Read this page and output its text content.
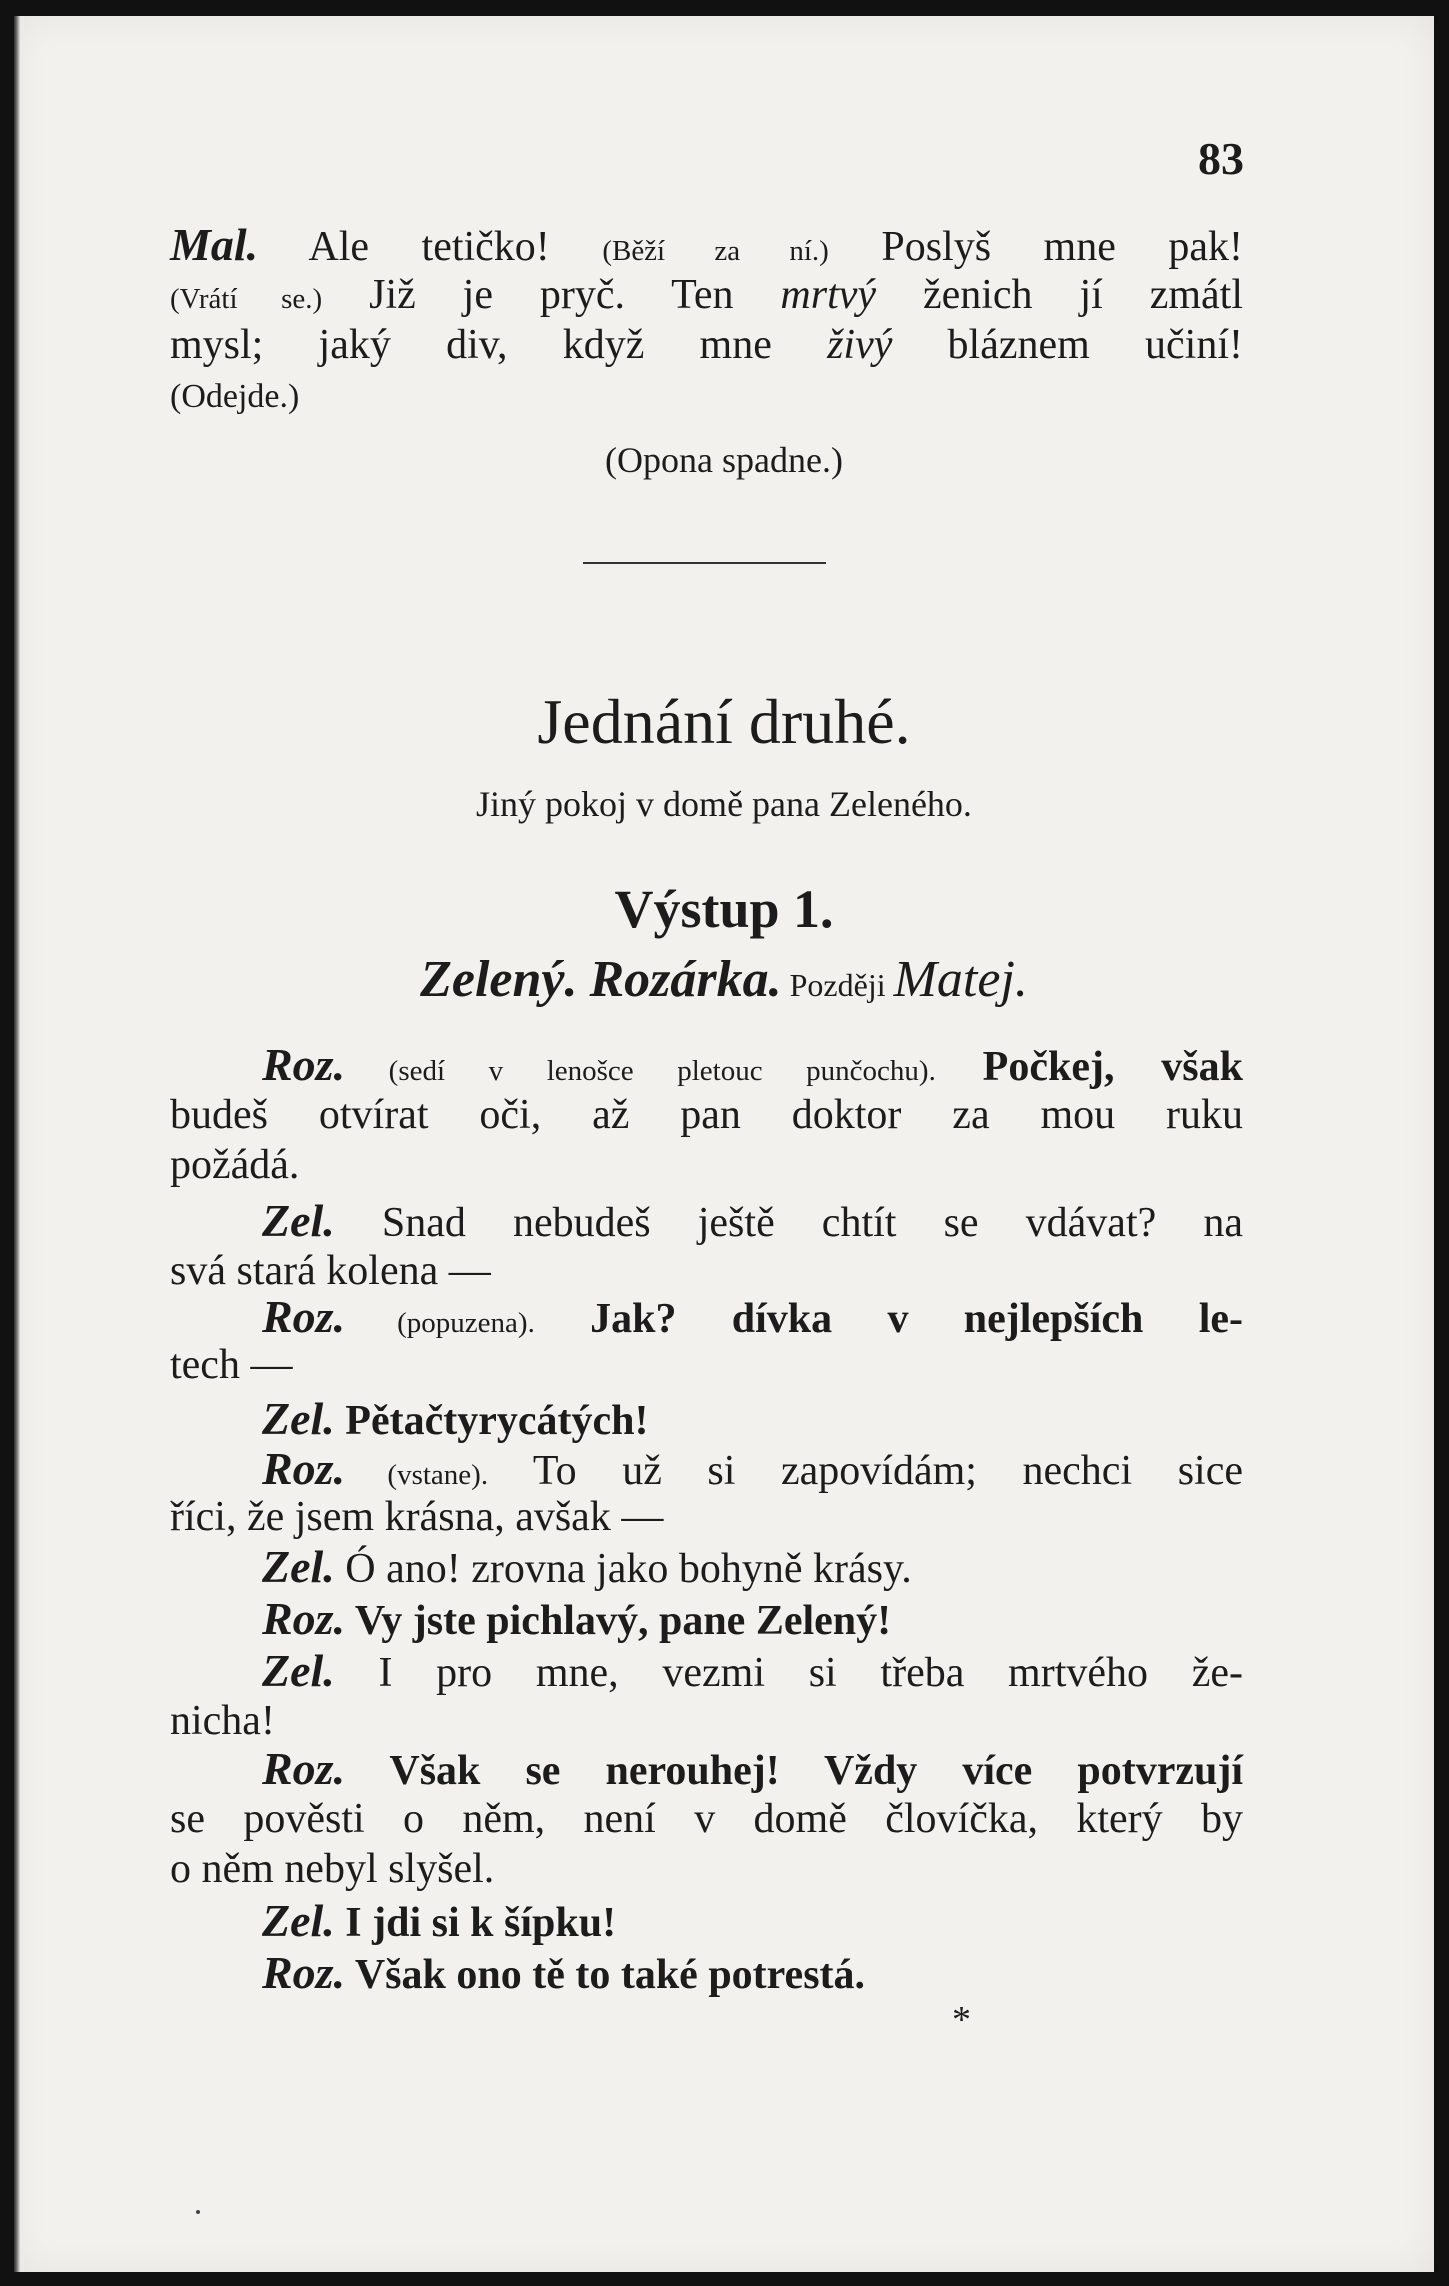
83
Mal. Ale tetičko! (Běží za ní.) Poslyš mne pak!
(Vrátí se.) Již je pryč. Ten mrtvý ženich jí zmátl
mysl; jaký div, když mne živý bláznem učiní!
(Odejde.)
(Opona spadne.)
Jednání druhé.
Jiný pokoj v domě pana Zeleného.
Výstup 1.
Zelený. Rozárka. Později Matej.
Roz. (sedí v lenošce pletouc punčochu). Počkej, však
budeš otvírat oči, až pan doktor za mou ruku
požádá.
Zel. Snad nebudeš ještě chtít se vdávat? na
svá stará kolena —
Roz. (popuzena). Jak? dívka v nejlepších le-
tech —
Zel. Pětačtyrycátých!
Roz. (vstane). To už si zapovídám; nechci sice
říci, že jsem krásna, avšak —
Zel. Ó ano! zrovna jako bohyně krásy.
Roz. Vy jste pichlavý, pane Zelený!
Zel. I pro mne, vezmi si třeba mrtvého že-
nicha!
Roz. Však se nerouhej! Vždy více potvrzují
se pověsti o něm, není v domě človíčka, který by
o něm nebyl slyšel.
Zel. I jdi si k šípku!
Roz. Však ono tě to také potrestá.
*
